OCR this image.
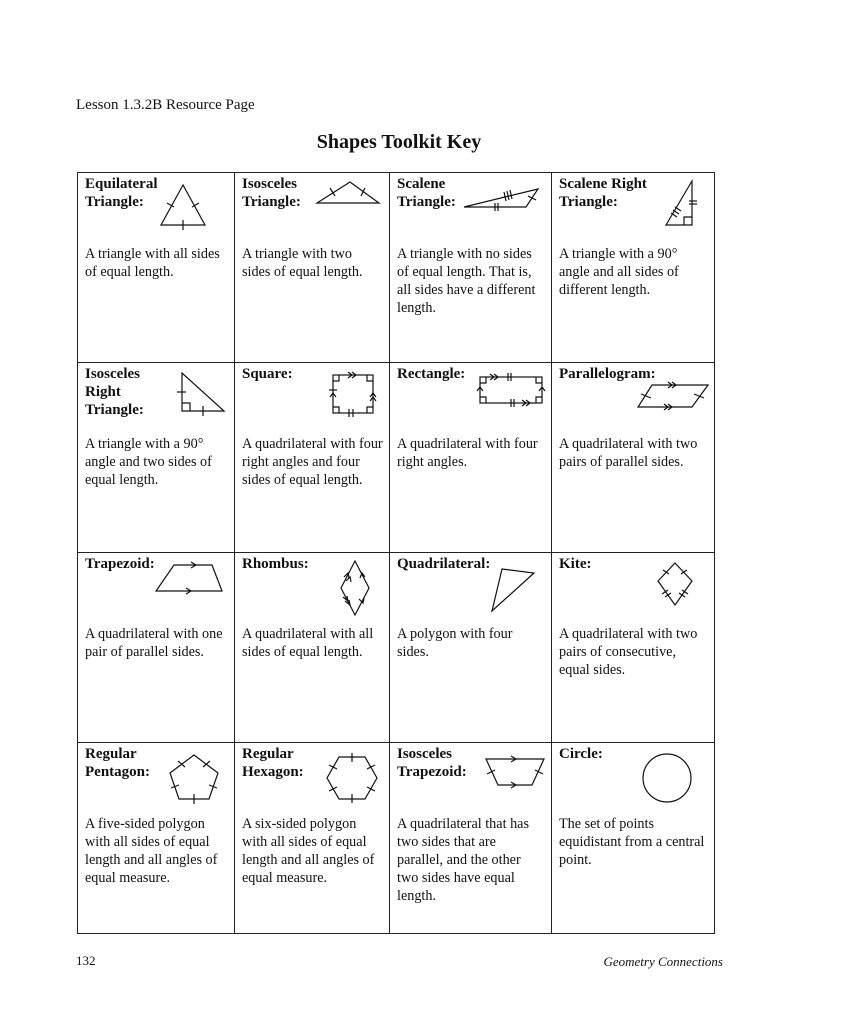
Lesson 1.3.2B Resource Page
Shapes Toolkit Key
Equilateral
Triangle:
A triangle with all sides of equal length.
Isosceles
Triangle:
A triangle with two sides of equal length.
Scalene
Triangle:
A triangle with no sides of equal length. That is, all sides have a different length.
Scalene Right
Triangle:
A triangle with a 90° angle and all sides of different length.
Isosceles
Right
Triangle:
A triangle with a 90° angle and two sides of equal length.
Square:
A quadrilateral with four right angles and four sides of equal length.
Rectangle:
A quadrilateral with four right angles.
Parallelogram:
A quadrilateral with two pairs of parallel sides.
Trapezoid:
A quadrilateral with one pair of parallel sides.
Rhombus:
A quadrilateral with all sides of equal length.
Quadrilateral:
A polygon with four sides.
Kite:
A quadrilateral with two pairs of consecutive, equal sides.
Regular
Pentagon:
A five-sided polygon with all sides of equal length and all angles of equal measure.
Regular
Hexagon:
A six-sided polygon with all sides of equal length and all angles of equal measure.
Isosceles
Trapezoid:
A quadrilateral that has two sides that are parallel, and the other two sides have equal length.
Circle:
The set of points equidistant from a central point.
132	Geometry Connections
